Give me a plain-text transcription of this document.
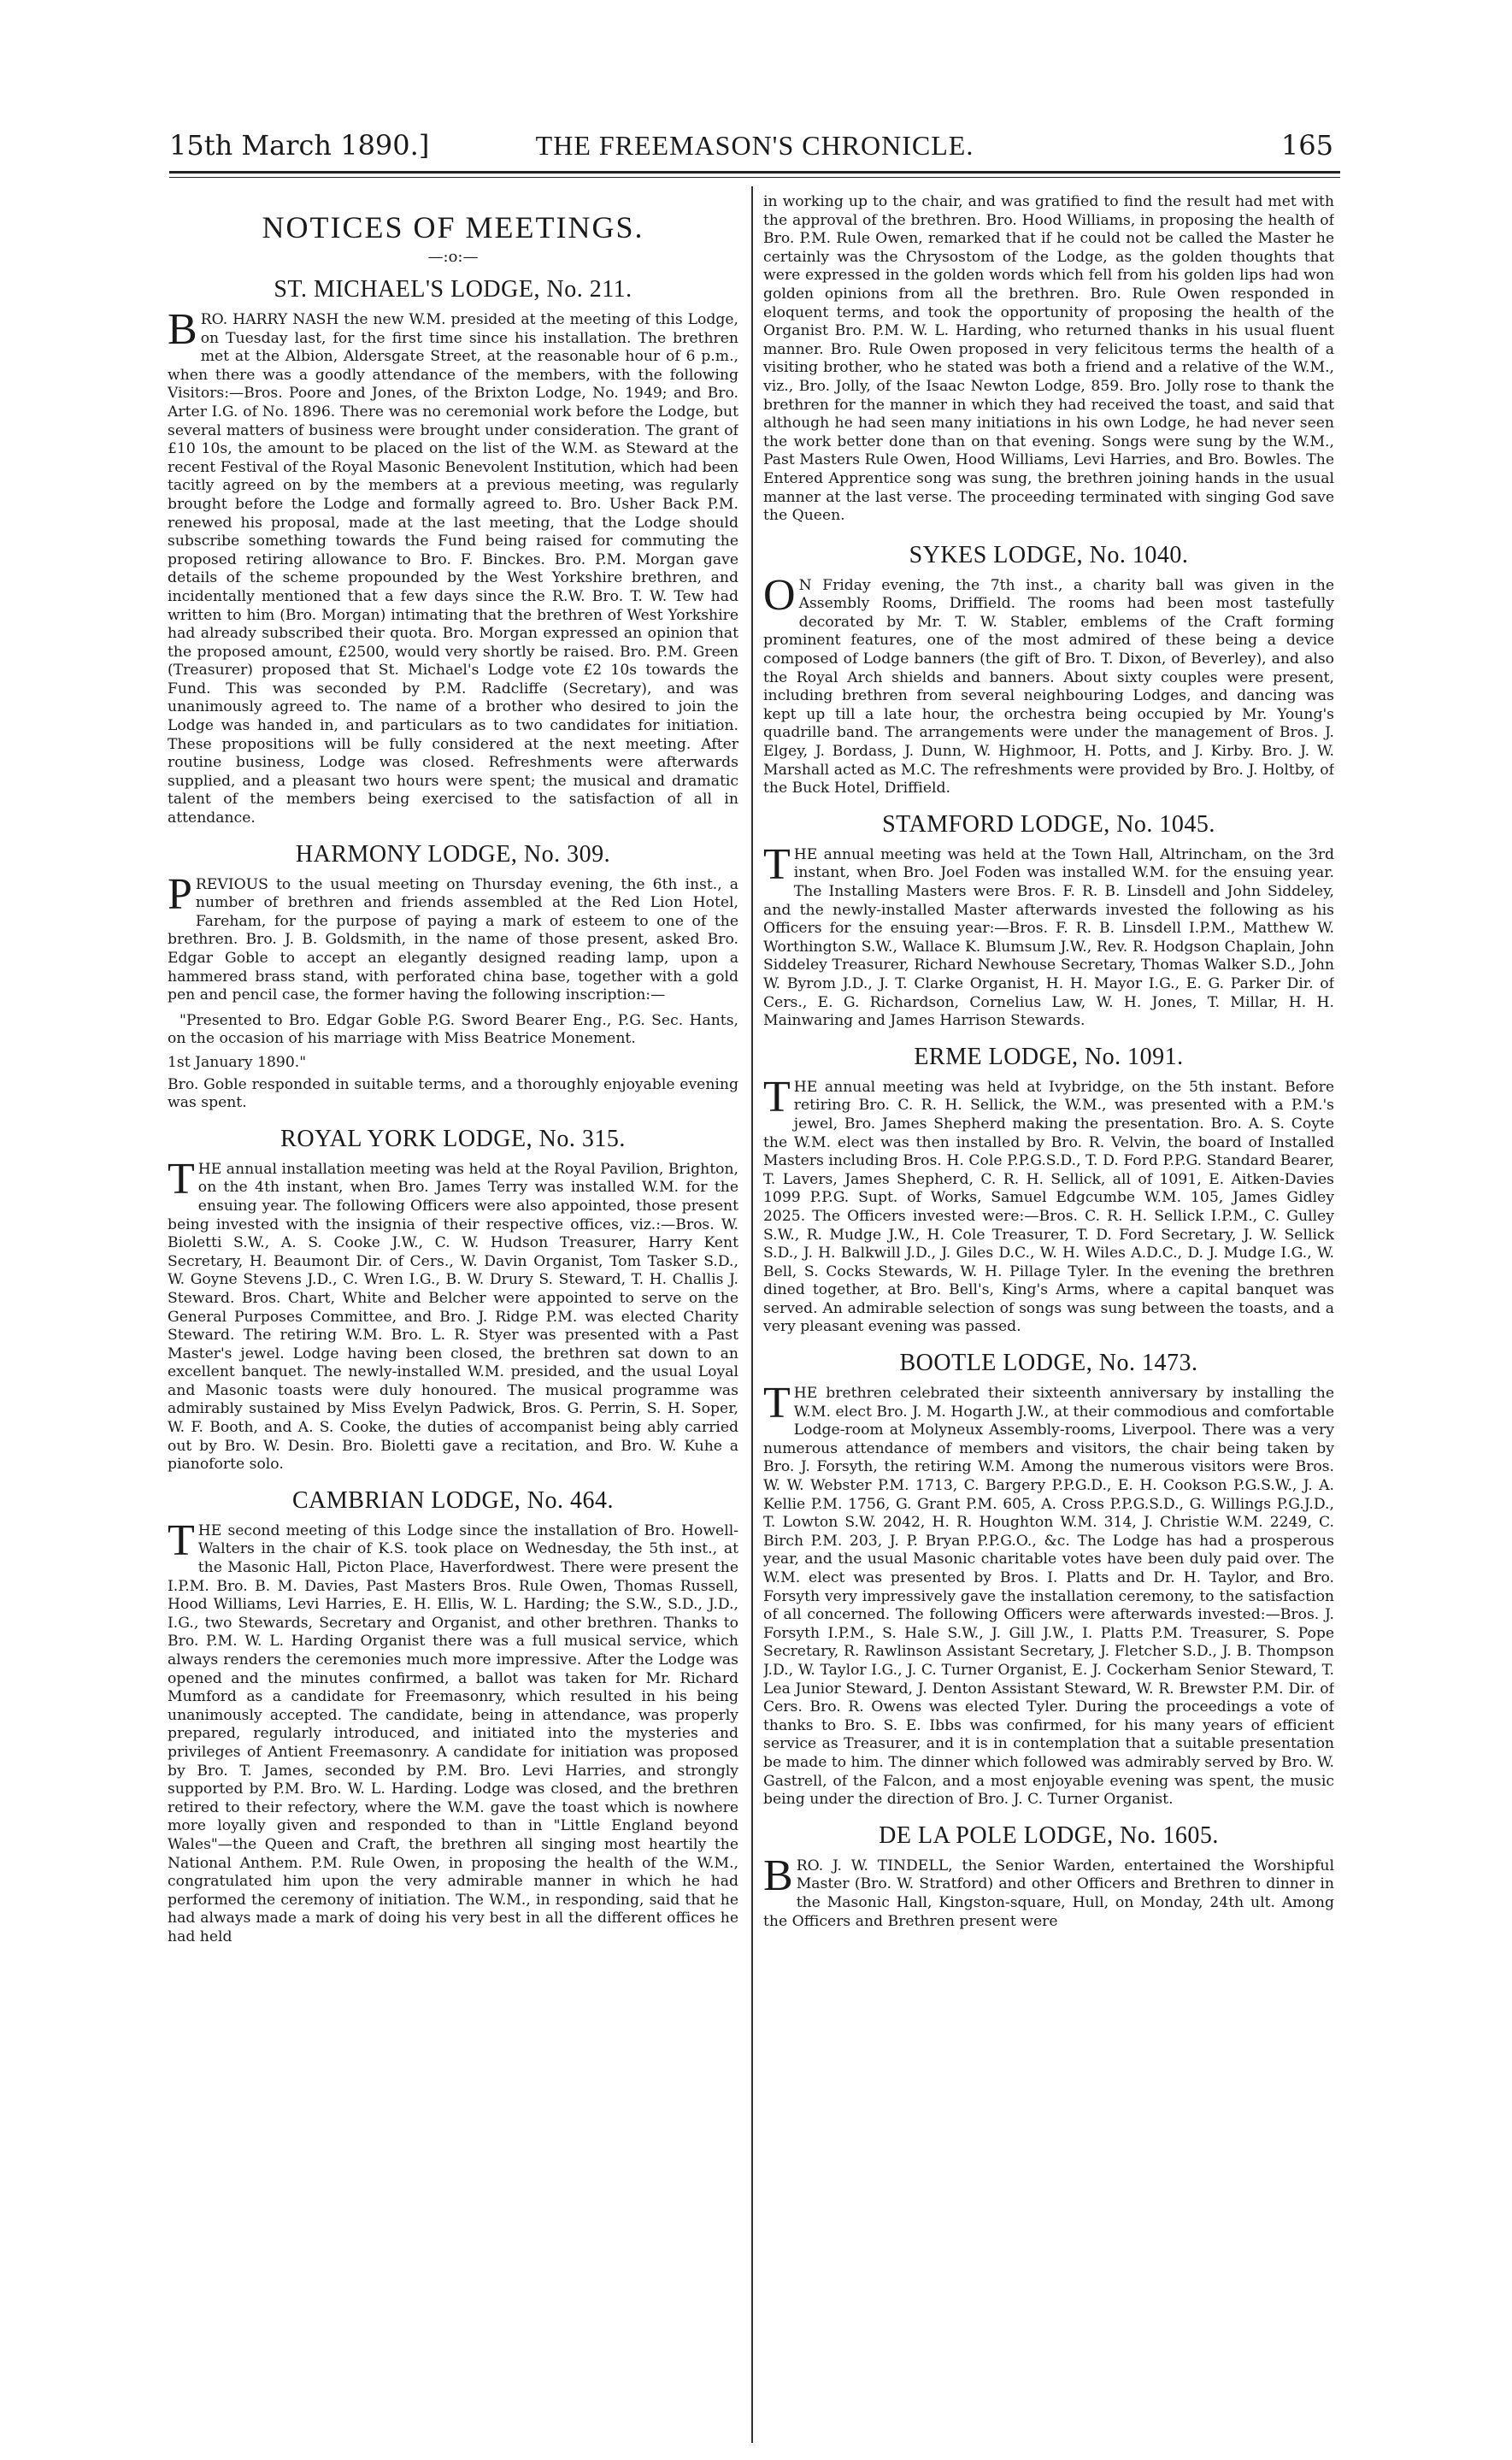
15th March 1890.]	THE FREEMASON'S CHRONICLE.	165
NOTICES OF MEETINGS.
—:o:—
ST. MICHAEL'S LODGE, No. 211.
BRO. HARRY NASH the new W.M. presided at the meeting of this Lodge, on Tuesday last, for the first time since his installation. The brethren met at the Albion, Aldersgate Street, at the reasonable hour of 6 p.m., when there was a goodly attendance of the members, with the following Visitors:—Bros. Poore and Jones, of the Brixton Lodge, No. 1949; and Bro. Arter I.G. of No. 1896. There was no ceremonial work before the Lodge, but several matters of business were brought under consideration. The grant of £10 10s, the amount to be placed on the list of the W.M. as Steward at the recent Festival of the Royal Masonic Benevolent Institution, which had been tacitly agreed on by the members at a previous meeting, was regularly brought before the Lodge and formally agreed to. Bro. Usher Back P.M. renewed his proposal, made at the last meeting, that the Lodge should subscribe something towards the Fund being raised for commuting the proposed retiring allowance to Bro. F. Binckes. Bro. P.M. Morgan gave details of the scheme propounded by the West Yorkshire brethren, and incidentally mentioned that a few days since the R.W. Bro. T. W. Tew had written to him (Bro. Morgan) intimating that the brethren of West Yorkshire had already subscribed their quota. Bro. Morgan expressed an opinion that the proposed amount, £2500, would very shortly be raised. Bro. P.M. Green (Treasurer) proposed that St. Michael's Lodge vote £2 10s towards the Fund. This was seconded by P.M. Radcliffe (Secretary), and was unanimously agreed to. The name of a brother who desired to join the Lodge was handed in, and particulars as to two candidates for initiation. These propositions will be fully considered at the next meeting. After routine business, Lodge was closed. Refreshments were afterwards supplied, and a pleasant two hours were spent; the musical and dramatic talent of the members being exercised to the satisfaction of all in attendance.
HARMONY LODGE, No. 309.
PREVIOUS to the usual meeting on Thursday evening, the 6th inst., a number of brethren and friends assembled at the Red Lion Hotel, Fareham, for the purpose of paying a mark of esteem to one of the brethren. Bro. J. B. Goldsmith, in the name of those present, asked Bro. Edgar Goble to accept an elegantly designed reading lamp, upon a hammered brass stand, with perforated china base, together with a gold pen and pencil case, the former having the following inscription:—
"Presented to Bro. Edgar Goble P.G. Sword Bearer Eng., P.G. Sec. Hants, on the occasion of his marriage with Miss Beatrice Monement.
1st January 1890."
Bro. Goble responded in suitable terms, and a thoroughly enjoyable evening was spent.
ROYAL YORK LODGE, No. 315.
THE annual installation meeting was held at the Royal Pavilion, Brighton, on the 4th instant, when Bro. James Terry was installed W.M. for the ensuing year. The following Officers were also appointed, those present being invested with the insignia of their respective offices, viz.:—Bros. W. Bioletti S.W., A. S. Cooke J.W., C. W. Hudson Treasurer, Harry Kent Secretary, H. Beaumont Dir. of Cers., W. Davin Organist, Tom Tasker S.D., W. Goyne Stevens J.D., C. Wren I.G., B. W. Drury S. Steward, T. H. Challis J. Steward. Bros. Chart, White and Belcher were appointed to serve on the General Purposes Committee, and Bro. J. Ridge P.M. was elected Charity Steward. The retiring W.M. Bro. L. R. Styer was presented with a Past Master's jewel. Lodge having been closed, the brethren sat down to an excellent banquet. The newly-installed W.M. presided, and the usual Loyal and Masonic toasts were duly honoured. The musical programme was admirably sustained by Miss Evelyn Padwick, Bros. G. Perrin, S. H. Soper, W. F. Booth, and A. S. Cooke, the duties of accompanist being ably carried out by Bro. W. Desin. Bro. Bioletti gave a recitation, and Bro. W. Kuhe a pianoforte solo.
CAMBRIAN LODGE, No. 464.
THE second meeting of this Lodge since the installation of Bro. Howell-Walters in the chair of K.S. took place on Wednesday, the 5th inst., at the Masonic Hall, Picton Place, Haverfordwest. There were present the I.P.M. Bro. B. M. Davies, Past Masters Bros. Rule Owen, Thomas Russell, Hood Williams, Levi Harries, E. H. Ellis, W. L. Harding; the S.W., S.D., J.D., I.G., two Stewards, Secretary and Organist, and other brethren. Thanks to Bro. P.M. W. L. Harding Organist there was a full musical service, which always renders the ceremonies much more impressive. After the Lodge was opened and the minutes confirmed, a ballot was taken for Mr. Richard Mumford as a candidate for Freemasonry, which resulted in his being unanimously accepted. The candidate, being in attendance, was properly prepared, regularly introduced, and initiated into the mysteries and privileges of Antient Freemasonry. A candidate for initiation was proposed by Bro. T. James, seconded by P.M. Bro. Levi Harries, and strongly supported by P.M. Bro. W. L. Harding. Lodge was closed, and the brethren retired to their refectory, where the W.M. gave the toast which is nowhere more loyally given and responded to than in "Little England beyond Wales"—the Queen and Craft, the brethren all singing most heartily the National Anthem. P.M. Rule Owen, in proposing the health of the W.M., congratulated him upon the very admirable manner in which he had performed the ceremony of initiation. The W.M., in responding, said that he had always made a mark of doing his very best in all the different offices he had held
in working up to the chair, and was gratified to find the result had met with the approval of the brethren. Bro. Hood Williams, in proposing the health of Bro. P.M. Rule Owen, remarked that if he could not be called the Master he certainly was the Chrysostom of the Lodge, as the golden thoughts that were expressed in the golden words which fell from his golden lips had won golden opinions from all the brethren. Bro. Rule Owen responded in eloquent terms, and took the opportunity of proposing the health of the Organist Bro. P.M. W. L. Harding, who returned thanks in his usual fluent manner. Bro. Rule Owen proposed in very felicitous terms the health of a visiting brother, who he stated was both a friend and a relative of the W.M., viz., Bro. Jolly, of the Isaac Newton Lodge, 859. Bro. Jolly rose to thank the brethren for the manner in which they had received the toast, and said that although he had seen many initiations in his own Lodge, he had never seen the work better done than on that evening. Songs were sung by the W.M., Past Masters Rule Owen, Hood Williams, Levi Harries, and Bro. Bowles. The Entered Apprentice song was sung, the brethren joining hands in the usual manner at the last verse. The proceeding terminated with singing God save the Queen.
SYKES LODGE, No. 1040.
O N Friday evening, the 7th inst., a charity ball was given in the Assembly Rooms, Driffield. The rooms had been most tastefully decorated by Mr. T. W. Stabler, emblems of the Craft forming prominent features, one of the most admired of these being a device composed of Lodge banners (the gift of Bro. T. Dixon, of Beverley), and also the Royal Arch shields and banners. About sixty couples were present, including brethren from several neighbouring Lodges, and dancing was kept up till a late hour, the orchestra being occupied by Mr. Young's quadrille band. The arrangements were under the management of Bros. J. Elgey, J. Bordass, J. Dunn, W. Highmoor, H. Potts, and J. Kirby. Bro. J. W. Marshall acted as M.C. The refreshments were provided by Bro. J. Holtby, of the Buck Hotel, Driffield.
STAMFORD LODGE, No. 1045.
THE annual meeting was held at the Town Hall, Altrincham, on the 3rd instant, when Bro. Joel Foden was installed W.M. for the ensuing year. The Installing Masters were Bros. F. R. B. Linsdell and John Siddeley, and the newly-installed Master afterwards invested the following as his Officers for the ensuing year:—Bros. F. R. B. Linsdell I.P.M., Matthew W. Worthington S.W., Wallace K. Blumsum J.W., Rev. R. Hodgson Chaplain, John Siddeley Treasurer, Richard Newhouse Secretary, Thomas Walker S.D., John W. Byrom J.D., J. T. Clarke Organist, H. H. Mayor I.G., E. G. Parker Dir. of Cers., E. G. Richardson, Cornelius Law, W. H. Jones, T. Millar, H. H. Mainwaring and James Harrison Stewards.
ERME LODGE, No. 1091.
THE annual meeting was held at Ivybridge, on the 5th instant. Before retiring Bro. C. R. H. Sellick, the W.M., was presented with a P.M.'s jewel, Bro. James Shepherd making the presentation. Bro. A. S. Coyte the W.M. elect was then installed by Bro. R. Velvin, the board of Installed Masters including Bros. H. Cole P.P.G.S.D., T. D. Ford P.P.G. Standard Bearer, T. Lavers, James Shepherd, C. R. H. Sellick, all of 1091, E. Aitken-Davies 1099 P.P.G. Supt. of Works, Samuel Edgcumbe W.M. 105, James Gidley 2025. The Officers invested were:—Bros. C. R. H. Sellick I.P.M., C. Gulley S.W., R. Mudge J.W., H. Cole Treasurer, T. D. Ford Secretary, J. W. Sellick S.D., J. H. Balkwill J.D., J. Giles D.C., W. H. Wiles A.D.C., D. J. Mudge I.G., W. Bell, S. Cocks Stewards, W. H. Pillage Tyler. In the evening the brethren dined together, at Bro. Bell's, King's Arms, where a capital banquet was served. An admirable selection of songs was sung between the toasts, and a very pleasant evening was passed.
BOOTLE LODGE, No. 1473.
THE brethren celebrated their sixteenth anniversary by installing the W.M. elect Bro. J. M. Hogarth J.W., at their commodious and comfortable Lodge-room at Molyneux Assembly-rooms, Liverpool. There was a very numerous attendance of members and visitors, the chair being taken by Bro. J. Forsyth, the retiring W.M. Among the numerous visitors were Bros. W. W. Webster P.M. 1713, C. Bargery P.P.G.D., E. H. Cookson P.G.S.W., J. A. Kellie P.M. 1756, G. Grant P.M. 605, A. Cross P.P.G.S.D., G. Willings P.G.J.D., T. Lowton S.W. 2042, H. R. Houghton W.M. 314, J. Christie W.M. 2249, C. Birch P.M. 203, J. P. Bryan P.P.G.O., &c. The Lodge has had a prosperous year, and the usual Masonic charitable votes have been duly paid over. The W.M. elect was presented by Bros. I. Platts and Dr. H. Taylor, and Bro. Forsyth very impressively gave the installation ceremony, to the satisfaction of all concerned. The following Officers were afterwards invested:—Bros. J. Forsyth I.P.M., S. Hale S.W., J. Gill J.W., I. Platts P.M. Treasurer, S. Pope Secretary, R. Rawlinson Assistant Secretary, J. Fletcher S.D., J. B. Thompson J.D., W. Taylor I.G., J. C. Turner Organist, E. J. Cockerham Senior Steward, T. Lea Junior Steward, J. Denton Assistant Steward, W. R. Brewster P.M. Dir. of Cers. Bro. R. Owens was elected Tyler. During the proceedings a vote of thanks to Bro. S. E. Ibbs was confirmed, for his many years of efficient service as Treasurer, and it is in contemplation that a suitable presentation be made to him. The dinner which followed was admirably served by Bro. W. Gastrell, of the Falcon, and a most enjoyable evening was spent, the music being under the direction of Bro. J. C. Turner Organist.
DE LA POLE LODGE, No. 1605.
BRO. J. W. TINDELL, the Senior Warden, entertained the Worshipful Master (Bro. W. Stratford) and other Officers and Brethren to dinner in the Masonic Hall, Kingston-square, Hull, on Monday, 24th ult. Among the Officers and Brethren present were
